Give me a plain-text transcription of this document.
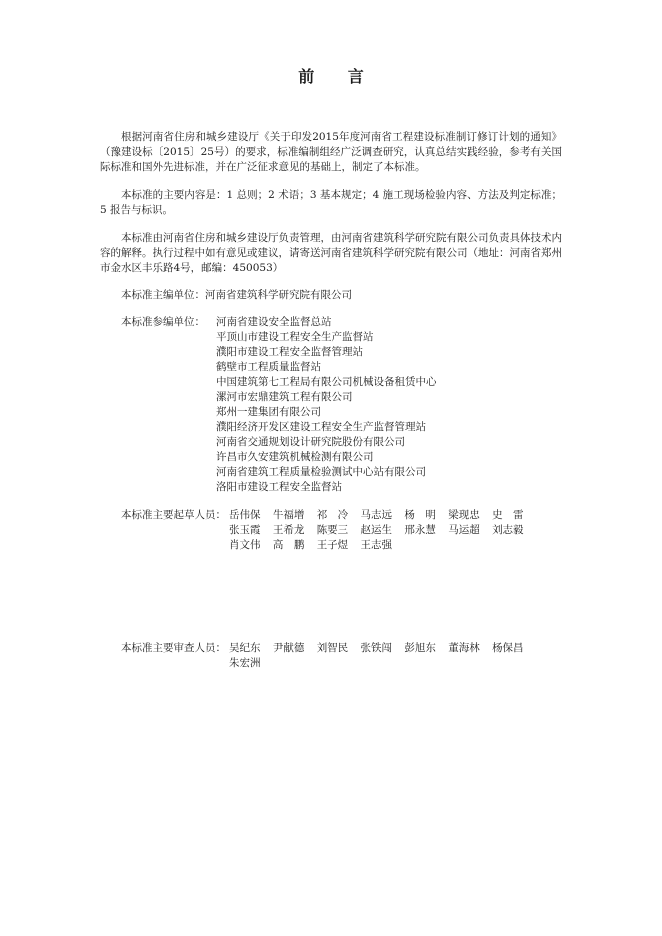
前 言

根据河南省住房和城乡建设厅《关于印发2015年度河南省工程建设标准制订修订计划的通知》（豫建设标〔2015〕25号）的要求，标准编制组经广泛调查研究，认真总结实践经验，参考有关国际标准和国外先进标准，并在广泛征求意见的基础上，制定了本标准。

本标准的主要内容是：1 总则；2 术语；3 基本规定；4 施工现场检验内容、方法及判定标准；5 报告与标识。

本标准由河南省住房和城乡建设厅负责管理，由河南省建筑科学研究院有限公司负责具体技术内容的解释。执行过程中如有意见或建议，请寄送河南省建筑科学研究院有限公司（地址：河南省郑州市金水区丰乐路4号，邮编：450053）

本标准主编单位：河南省建筑科学研究院有限公司
本标准参编单位： 河南省建设安全监督总站
平顶山市建设工程安全生产监督站
濮阳市建设工程安全监督管理站
鹤壁市工程质量监督站
中国建筑第七工程局有限公司机械设备租赁中心
漯河市宏鼎建筑工程有限公司
郑州一建集团有限公司
濮阳经济开发区建设工程安全生产监督管理站
河南省交通规划设计研究院股份有限公司
许昌市久安建筑机械检测有限公司
河南省建筑工程质量检验测试中心站有限公司
洛阳市建设工程安全监督站
本标准主要起草人员： 岳伟保 牛福增 祁　冷 马志远 杨　明 梁现忠 史　雷 张玉霞 王希龙 陈要三 赵运生 邢永慧 马运超 刘志毅 肖文伟 高　鹏 王子煜 王志强
本标准主要审查人员： 吴纪东 尹献德 刘智民 张铁闯 彭旭东 董海林 杨保昌 朱宏洲
